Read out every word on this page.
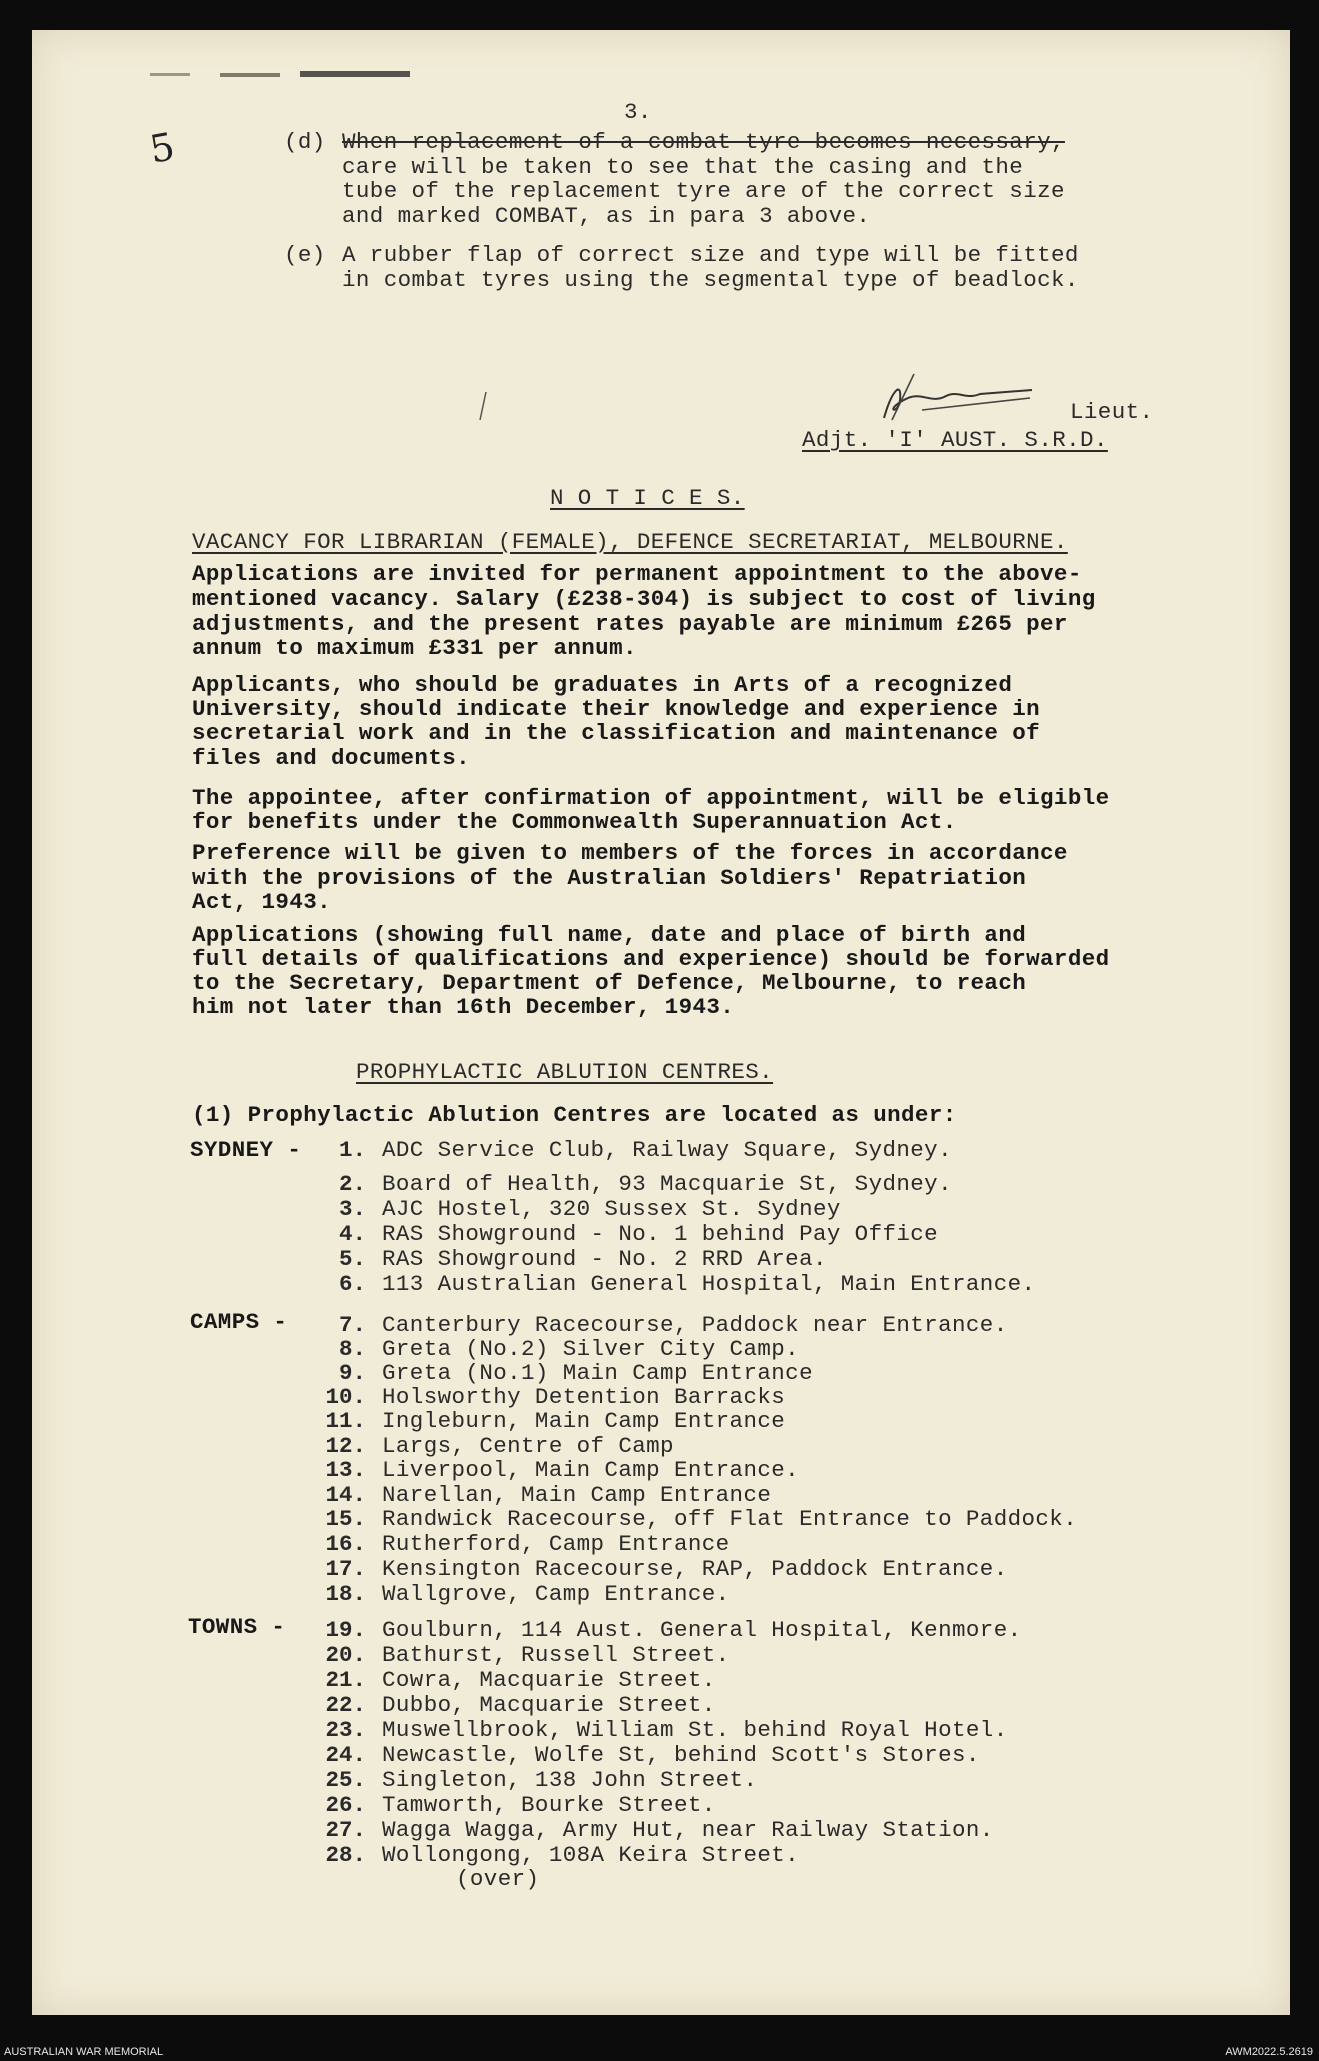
3.
5	(d) When replacement of a combat tyre becomes necessary,
care will be taken to see that the casing and the
tube of the replacement tyre are of the correct size
and marked COMBAT, as in para 3 above.
(e) A rubber flap of correct size and type will be fitted
in combat tyres using the segmental type of beadlock.
Lieut.
Adjt. 'I' AUST. S.R.D.
N O T I C E S.
VACANCY FOR LIBRARIAN (FEMALE), DEFENCE SECRETARIAT, MELBOURNE.
Applications are invited for permanent appointment to the above-
mentioned vacancy. Salary (£238-304) is subject to cost of living
adjustments, and the present rates payable are minimum £265 per
annum to maximum £331 per annum.
Applicants, who should be graduates in Arts of a recognized
University, should indicate their knowledge and experience in
secretarial work and in the classification and maintenance of
files and documents.
The appointee, after confirmation of appointment, will be eligible
for benefits under the Commonwealth Superannuation Act.
Preference will be given to members of the forces in accordance
with the provisions of the Australian Soldiers' Repatriation
Act, 1943.
Applications (showing full name, date and place of birth and
full details of qualifications and experience) should be forwarded
to the Secretary, Department of Defence, Melbourne, to reach
him not later than 16th December, 1943.
PROPHYLACTIC ABLUTION CENTRES.
(1) Prophylactic Ablution Centres are located as under:
SYDNEY -	1. ADC Service Club, Railway Square, Sydney.
2. Board of Health, 93 Macquarie St, Sydney.
3. AJC Hostel, 320 Sussex St. Sydney
4. RAS Showground - No. 1 behind Pay Office
5. RAS Showground - No. 2 RRD Area.
6. 113 Australian General Hospital, Main Entrance.
CAMPS -	7. Canterbury Racecourse, Paddock near Entrance.
8. Greta (No.2) Silver City Camp.
9. Greta (No.1) Main Camp Entrance
10. Holsworthy Detention Barracks
11. Ingleburn, Main Camp Entrance
12. Largs, Centre of Camp
13. Liverpool, Main Camp Entrance.
14. Narellan, Main Camp Entrance
15. Randwick Racecourse, off Flat Entrance to Paddock.
16. Rutherford, Camp Entrance
17. Kensington Racecourse, RAP, Paddock Entrance.
18. Wallgrove, Camp Entrance.
TOWNS -	19. Goulburn, 114 Aust. General Hospital, Kenmore.
20. Bathurst, Russell Street.
21. Cowra, Macquarie Street.
22. Dubbo, Macquarie Street.
23. Muswellbrook, William St. behind Royal Hotel.
24. Newcastle, Wolfe St, behind Scott's Stores.
25. Singleton, 138 John Street.
26. Tamworth, Bourke Street.
27. Wagga Wagga, Army Hut, near Railway Station.
28. Wollongong, 108A Keira Street.
(over)
AUSTRALIAN WAR MEMORIAL	AWM2022.5.2619
